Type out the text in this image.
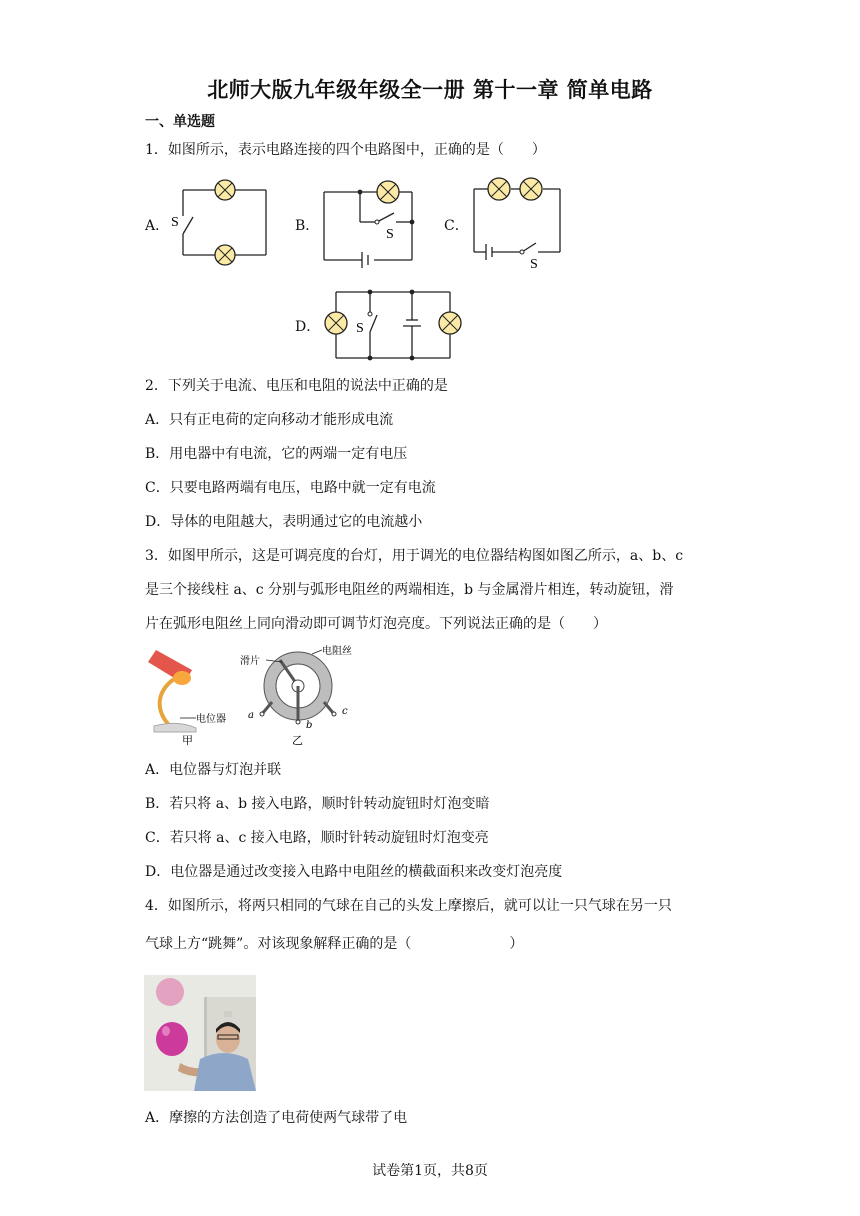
北师大版九年级年级全一册 第十一章 简单电路
一、单选题
1．如图所示，表示电路连接的四个电路图中，正确的是（　　）
A．	B．	C．
D．
S
S
S
S
2．下列关于电流、电压和电阻的说法中正确的是
A．只有正电荷的定向移动才能形成电流
B．用电器中有电流，它的两端一定有电压
C．只要电路两端有电压，电路中就一定有电流
D．导体的电阻越大，表明通过它的电流越小
3．如图甲所示，这是可调亮度的台灯，用于调光的电位器结构图如图乙所示，a、b、c
是三个接线柱 a、c 分别与弧形电阻丝的两端相连，b 与金属滑片相连，转动旋钮，滑
片在弧形电阻丝上同向滑动即可调节灯泡亮度。下列说法正确的是（　　）
电位器
甲
滑片
电阻丝
a
b
c
乙
A．电位器与灯泡并联
B．若只将 a、b 接入电路，顺时针转动旋钮时灯泡变暗
C．若只将 a、c 接入电路，顺时针转动旋钮时灯泡变亮
D．电位器是通过改变接入电路中电阻丝的横截面积来改变灯泡亮度
4．如图所示，将两只相同的气球在自己的头发上摩擦后，就可以让一只气球在另一只
气球上方“跳舞”。对该现象解释正确的是（　　　　　　　）
A．摩擦的方法创造了电荷使两气球带了电
试卷第1页，共8页
